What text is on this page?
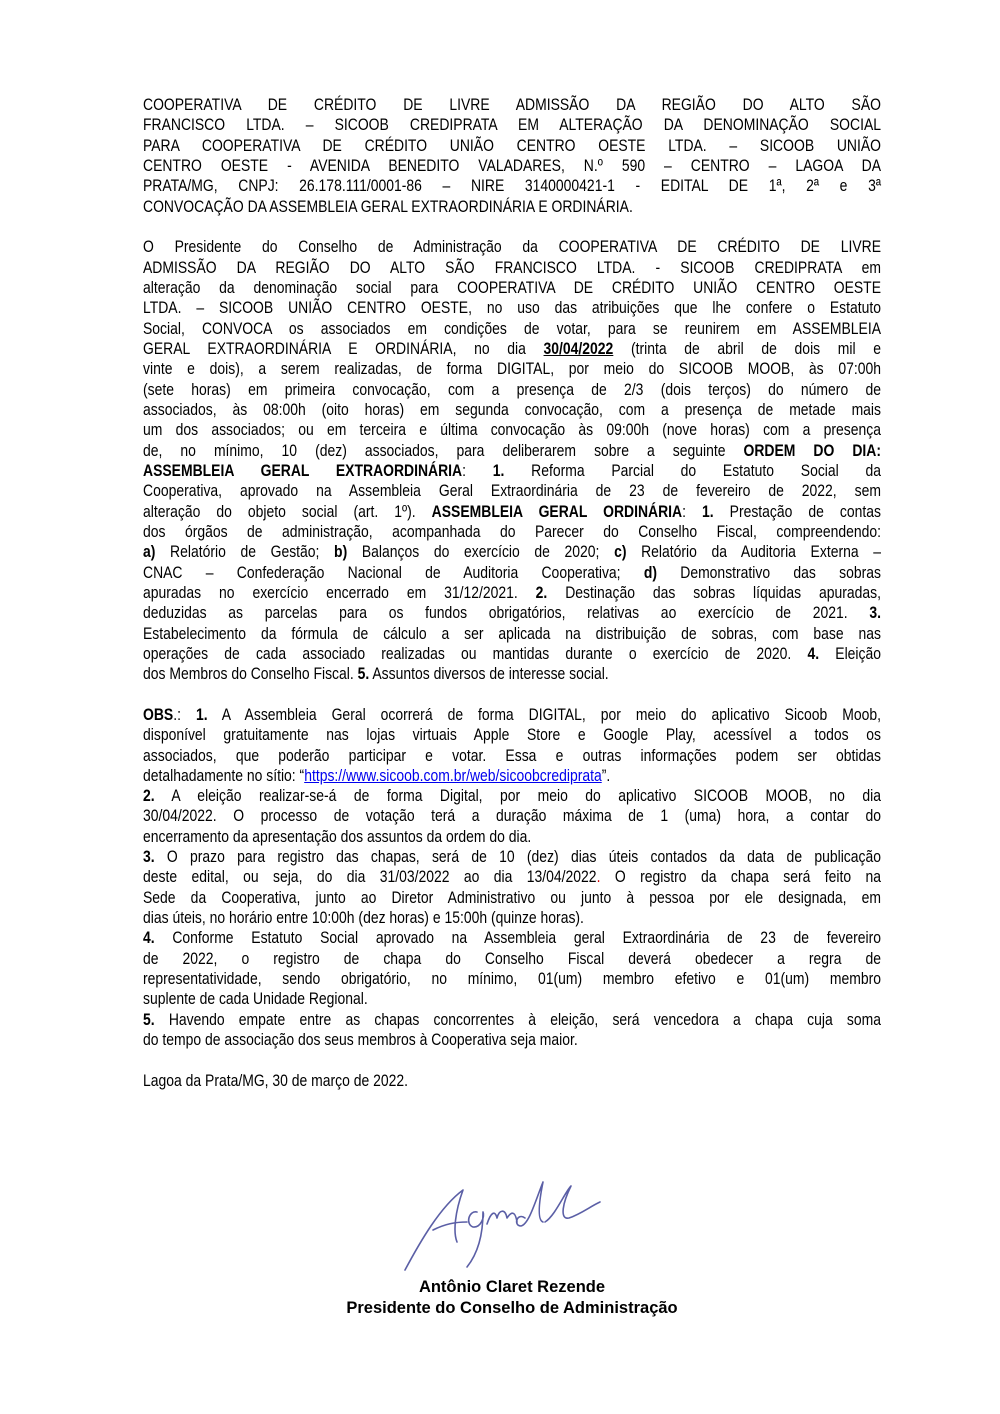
COOPERATIVA DE CRÉDITO DE LIVRE ADMISSÃO DA REGIÃO DO ALTO SÃO
FRANCISCO LTDA. – SICOOB CREDIPRATA EM ALTERAÇÃO DA DENOMINAÇÃO SOCIAL
PARA COOPERATIVA DE CRÉDITO UNIÃO CENTRO OESTE LTDA. – SICOOB UNIÃO
CENTRO OESTE - AVENIDA BENEDITO VALADARES, N.º 590 – CENTRO – LAGOA DA
PRATA/MG, CNPJ: 26.178.111/0001-86 – NIRE 3140000421-1 - EDITAL DE 1ª, 2ª e 3ª
CONVOCAÇÃO DA ASSEMBLEIA GERAL EXTRAORDINÁRIA E ORDINÁRIA.
O Presidente do Conselho de Administração da COOPERATIVA DE CRÉDITO DE LIVRE
ADMISSÃO DA REGIÃO DO ALTO SÃO FRANCISCO LTDA. - SICOOB CREDIPRATA em
alteração da denominação social para COOPERATIVA DE CRÉDITO UNIÃO CENTRO OESTE
LTDA. – SICOOB UNIÃO CENTRO OESTE, no uso das atribuições que lhe confere o Estatuto
Social, CONVOCA os associados em condições de votar, para se reunirem em ASSEMBLEIA
GERAL EXTRAORDINÁRIA E ORDINÁRIA, no dia 30/04/2022 (trinta de abril de dois mil e
vinte e dois), a serem realizadas, de forma DIGITAL, por meio do SICOOB MOOB, às 07:00h
(sete horas) em primeira convocação, com a presença de 2/3 (dois terços) do número de
associados, às 08:00h (oito horas) em segunda convocação, com a presença de metade mais
um dos associados; ou em terceira e última convocação às 09:00h (nove horas) com a presença
de, no mínimo, 10 (dez) associados, para deliberarem sobre a seguinte ORDEM DO DIA:
ASSEMBLEIA GERAL EXTRAORDINÁRIA: 1. Reforma Parcial do Estatuto Social da
Cooperativa, aprovado na Assembleia Geral Extraordinária de 23 de fevereiro de 2022, sem
alteração do objeto social (art. 1º). ASSEMBLEIA GERAL ORDINÁRIA: 1. Prestação de contas
dos órgãos de administração, acompanhada do Parecer do Conselho Fiscal, compreendendo:
a) Relatório de Gestão; b) Balanços do exercício de 2020; c) Relatório da Auditoria Externa –
CNAC – Confederação Nacional de Auditoria Cooperativa; d) Demonstrativo das sobras
apuradas no exercício encerrado em 31/12/2021. 2. Destinação das sobras líquidas apuradas,
deduzidas as parcelas para os fundos obrigatórios, relativas ao exercício de 2021. 3.
Estabelecimento da fórmula de cálculo a ser aplicada na distribuição de sobras, com base nas
operações de cada associado realizadas ou mantidas durante o exercício de 2020. 4. Eleição
dos Membros do Conselho Fiscal. 5. Assuntos diversos de interesse social.
OBS.: 1. A Assembleia Geral ocorrerá de forma DIGITAL, por meio do aplicativo Sicoob Moob,
disponível gratuitamente nas lojas virtuais Apple Store e Google Play, acessível a todos os
associados, que poderão participar e votar. Essa e outras informações podem ser obtidas
detalhadamente no sítio: “https://www.sicoob.com.br/web/sicoobcrediprata”.
2. A eleição realizar-se-á de forma Digital, por meio do aplicativo SICOOB MOOB, no dia
30/04/2022. O processo de votação terá a duração máxima de 1 (uma) hora, a contar do
encerramento da apresentação dos assuntos da ordem do dia.
3. O prazo para registro das chapas, será de 10 (dez) dias úteis contados da data de publicação
deste edital, ou seja, do dia 31/03/2022 ao dia 13/04/2022. O registro da chapa será feito na
Sede da Cooperativa, junto ao Diretor Administrativo ou junto à pessoa por ele designada, em
dias úteis, no horário entre 10:00h (dez horas) e 15:00h (quinze horas).
4. Conforme Estatuto Social aprovado na Assembleia geral Extraordinária de 23 de fevereiro
de 2022, o registro de chapa do Conselho Fiscal deverá obedecer a regra de
representatividade, sendo obrigatório, no mínimo, 01(um) membro efetivo e 01(um) membro
suplente de cada Unidade Regional.
5. Havendo empate entre as chapas concorrentes à eleição, será vencedora a chapa cuja soma
do tempo de associação dos seus membros à Cooperativa seja maior.
Lagoa da Prata/MG, 30 de março de 2022.
Antônio Claret Rezende
Presidente do Conselho de Administração
